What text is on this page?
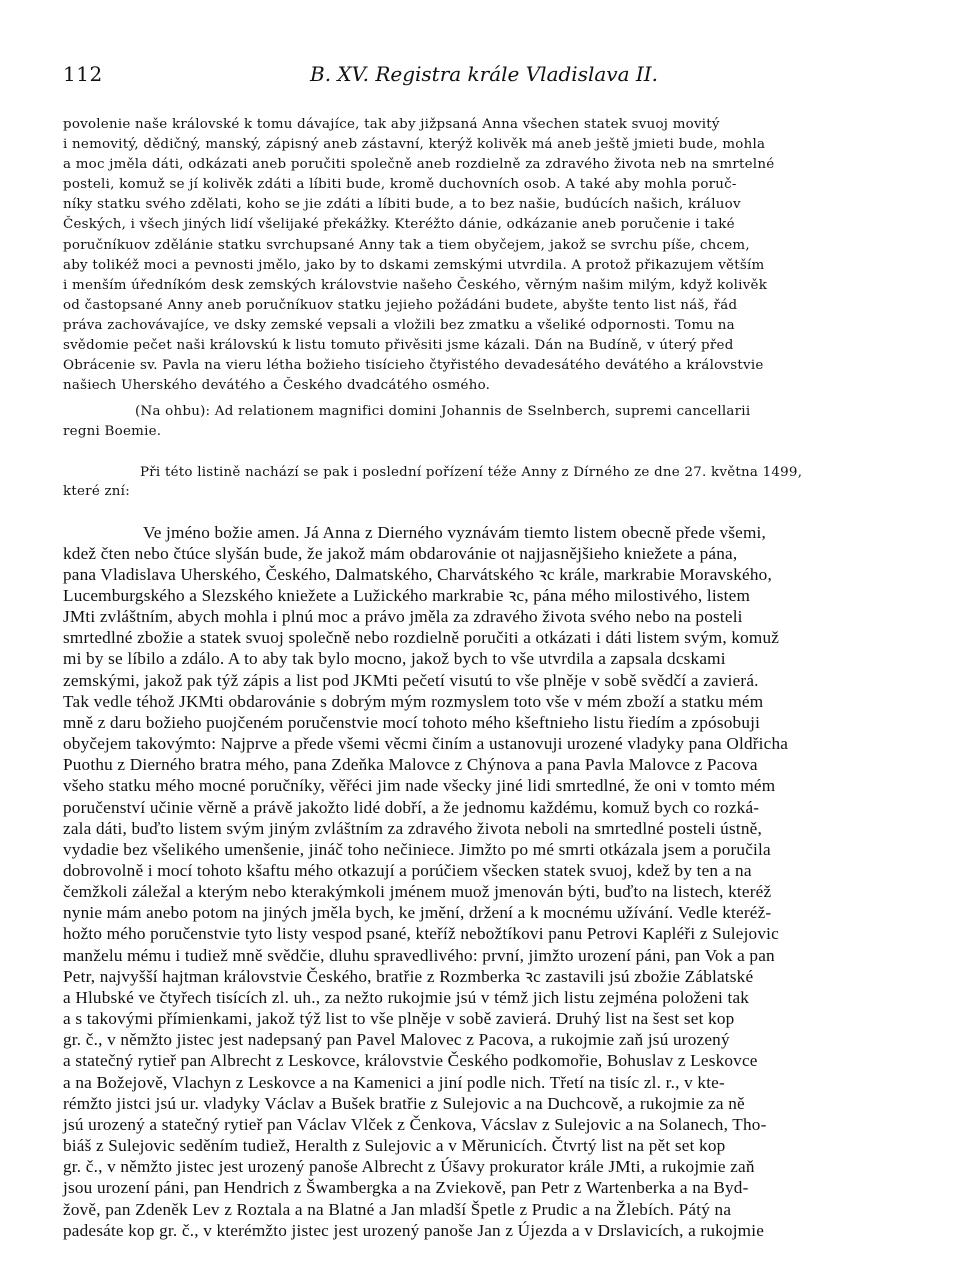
112	B. XV. Registra krále Vladislava II.
povolenie naše královské k tomu dávajíce, tak aby jižpsaná Anna všechen statek svuoj movitý
i nemovitý, dědičný, manský, zápisný aneb zástavní, kterýž kolivěk má aneb ještě jmieti bude, mohla
a moc jměla dáti, odkázati aneb poručiti společně aneb rozdielně za zdravého života neb na smrtelné
posteli, komuž se jí kolivěk zdáti a líbiti bude, kromě duchovních osob. A také aby mohla poruč-
níky statku svého zdělati, koho se jie zdáti a líbiti bude, a to bez našie, budúcích našich, králuov
Českých, i všech jiných lidí všelijaké překážky. Kteréžto dánie, odkázanie aneb poručenie i také
poručníkuov zdělánie statku svrchupsané Anny tak a tiem obyčejem, jakož se svrchu píše, chcem,
aby tolikéž moci a pevnosti jmělo, jako by to dskami zemskými utvrdila. A protož přikazujem větším
i menším úředníkóm desk zemských královstvie našeho Českého, věrným našim milým, když kolivěk
od častopsané Anny aneb poručníkuov statku jejieho požádáni budete, abyšte tento list náš, řád
práva zachovávajíce, ve dsky zemské vepsali a vložili bez zmatku a všeliké odpornosti. Tomu na
svědomie pečet naši královskú k listu tomuto přivěsiti jsme kázali. Dán na Budíně, v úterý před
Obrácenie sv. Pavla na vieru létha božieho tisícieho čtyřistého devadesátého devátého a královstvie
našiech Uherského devátého a Českého dvadcátého osmého.
(Na ohbu): Ad relationem magnifici domini Johannis de Sselnberch, supremi cancellarii
regni Boemie.
Při této listině nachází se pak i poslední pořízení téže Anny z Dírného ze dne 27. května 1499,
které zní:
Ve jméno božie amen. Já Anna z Dierného vyznávám tiemto listem obecně přede všemi,
kdež čten nebo čtúce slyšán bude, že jakož mám obdarovánie ot najjasnějšieho kniežete a pána,
pana Vladislava Uherského, Českého, Dalmatského, Charvátského ꝛc krále, markrabie Moravského,
Lucemburgského a Slezského kniežete a Lužického markrabie ꝛc, pána mého milostivého, listem
JMti zvláštním, abych mohla i plnú moc a právo jměla za zdravého života svého nebo na posteli
smrtedlné zbožie a statek svuoj společně nebo rozdielně poručiti a otkázati i dáti listem svým, komuž
mi by se líbilo a zdálo. A to aby tak bylo mocno, jakož bych to vše utvrdila a zapsala dcskami
zemskými, jakož pak týž zápis a list pod JKMti pečetí visutú to vše plněje v sobě svědčí a zavierá.
Tak vedle téhož JKMti obdarovánie s dobrým mým rozmyslem toto vše v mém zboží a statku mém
mně z daru božieho puojčeném poručenstvie mocí tohoto mého kšeftnieho listu řiedím a zpósobuji
obyčejem takovýmto: Najprve a přede všemi věcmi činím a ustanovuji urozené vladyky pana Oldřicha
Puothu z Dierného bratra mého, pana Zdeňka Malovce z Chýnova a pana Pavla Malovce z Pacova
všeho statku mého mocné poručníky, věřéci jim nade všecky jiné lidi smrtedlné, že oni v tomto mém
poručenství učinie věrně a právě jakožto lidé dobří, a že jednomu každému, komuž bych co rozká-
zala dáti, buďto listem svým jiným zvláštním za zdravého života neboli na smrtedlné posteli ústně,
vydadie bez všelikého umenšenie, jináč toho nečiniece. Jimžto po mé smrti otkázala jsem a poručila
dobrovolně i mocí tohoto kšaftu mého otkazují a porúčiem všecken statek svuoj, kdež by ten a na
čemžkoli záležal a kterým nebo kterakýmkoli jménem muož jmenován býti, buďto na listech, kteréž
nynie mám anebo potom na jiných jměla bych, ke jmění, držení a k mocnému užívání. Vedle kteréž-
hožto mého poručenstvie tyto listy vespod psané, kteříž nebožtíkovi panu Petrovi Kapléři z Sulejovic
manželu mému i tudiež mně svědčie, dluhu spravedlivého: první, jimžto urození páni, pan Vok a pan
Petr, najvyšší hajtman královstvie Českého, bratřie z Rozmberka ꝛc zastavili jsú zbožie Záblatské
a Hlubské ve čtyřech tisících zl. uh., za nežto rukojmie jsú v témž jich listu zejména položeni tak
a s takovými přímienkami, jakož týž list to vše plněje v sobě zavierá. Druhý list na šest set kop
gr. č., v němžto jistec jest nadepsaný pan Pavel Malovec z Pacova, a rukojmie zaň jsú urozený
a statečný rytieř pan Albrecht z Leskovce, královstvie Českého podkomořie, Bohuslav z Leskovce
a na Božejově, Vlachyn z Leskovce a na Kamenici a jiní podle nich. Třetí na tisíc zl. r., v kte-
rémžto jistci jsú ur. vladyky Václav a Bušek bratřie z Sulejovic a na Duchcově, a rukojmie za ně
jsú urozený a statečný rytieř pan Václav Vlček z Čenkova, Vácslav z Sulejovic a na Solanech, Tho-
biáš z Sulejovic seděním tudiež, Heralth z Sulejovic a v Měrunicích. Čtvrtý list na pět set kop
gr. č., v němžto jistec jest urozený panoše Albrecht z Úšavy prokurator krále JMti, a rukojmie zaň
jsou urození páni, pan Hendrich z Šwambergka a na Zviekově, pan Petr z Wartenberka a na Byd-
žově, pan Zdeněk Lev z Roztala a na Blatné a Jan mladší Špetle z Prudic a na Žlebích. Pátý na
padesáte kop gr. č., v kterémžto jistec jest urozený panoše Jan z Újezda a v Drslavicích, a rukojmie
